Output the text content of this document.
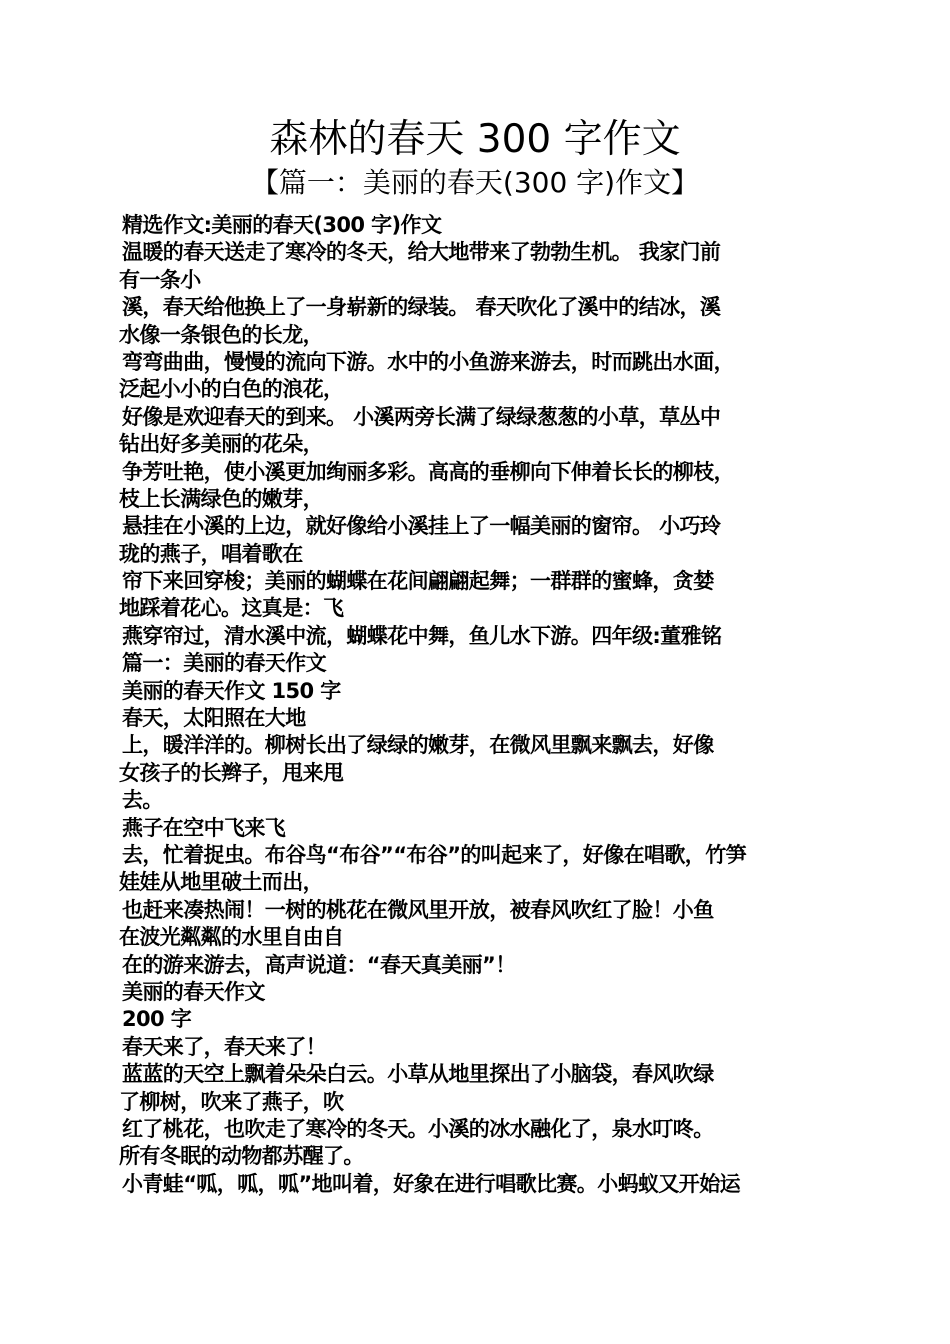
森林的春天 300 字作文
【篇一：美丽的春天(300 字)作文】
精选作文:美丽的春天(300 字)作文
温暖的春天送走了寒冷的冬天，给大地带来了勃勃生机。 我家门前
有一条小
溪，春天给他换上了一身崭新的绿装。 春天吹化了溪中的结冰，溪
水像一条银色的长龙，
弯弯曲曲，慢慢的流向下游。水中的小鱼游来游去，时而跳出水面，
泛起小小的白色的浪花，
好像是欢迎春天的到来。 小溪两旁长满了绿绿葱葱的小草，草丛中
钻出好多美丽的花朵，
争芳吐艳，使小溪更加绚丽多彩。高高的垂柳向下伸着长长的柳枝，
枝上长满绿色的嫩芽，
悬挂在小溪的上边，就好像给小溪挂上了一幅美丽的窗帘。 小巧玲
珑的燕子，唱着歌在
帘下来回穿梭；美丽的蝴蝶在花间翩翩起舞；一群群的蜜蜂，贪婪
地踩着花心。这真是：飞
燕穿帘过，清水溪中流，蝴蝶花中舞，鱼儿水下游。四年级:董雅铭
篇一：美丽的春天作文
美丽的春天作文 150 字
春天，太阳照在大地
上，暖洋洋的。柳树长出了绿绿的嫩芽，在微风里飘来飘去，好像
女孩子的长辫子，甩来甩
去。
燕子在空中飞来飞
去，忙着捉虫。布谷鸟“布谷”“布谷”的叫起来了，好像在唱歌，竹笋
娃娃从地里破土而出，
也赶来凑热闹！一树的桃花在微风里开放，被春风吹红了脸！小鱼
在波光粼粼的水里自由自
在的游来游去，高声说道：“春天真美丽”！
美丽的春天作文
200 字
春天来了，春天来了！
蓝蓝的天空上飘着朵朵白云。小草从地里探出了小脑袋，春风吹绿
了柳树，吹来了燕子，吹
红了桃花，也吹走了寒冷的冬天。小溪的冰水融化了，泉水叮咚。
所有冬眠的动物都苏醒了。
小青蛙“呱，呱，呱”地叫着，好象在进行唱歌比赛。小蚂蚁又开始运
